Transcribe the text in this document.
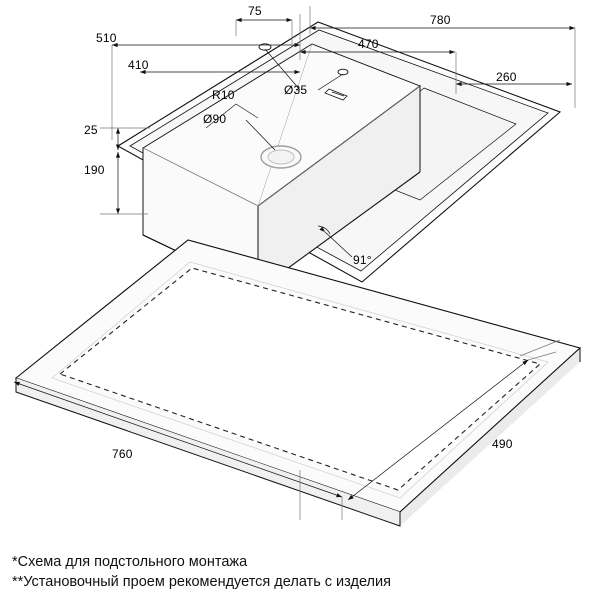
75
510
780
470
410
260
R10	Ø35
Ø90
25
190
91°
760
490
*Схема для подстольного монтажа
**Установочный проем рекомендуется делать с изделия
